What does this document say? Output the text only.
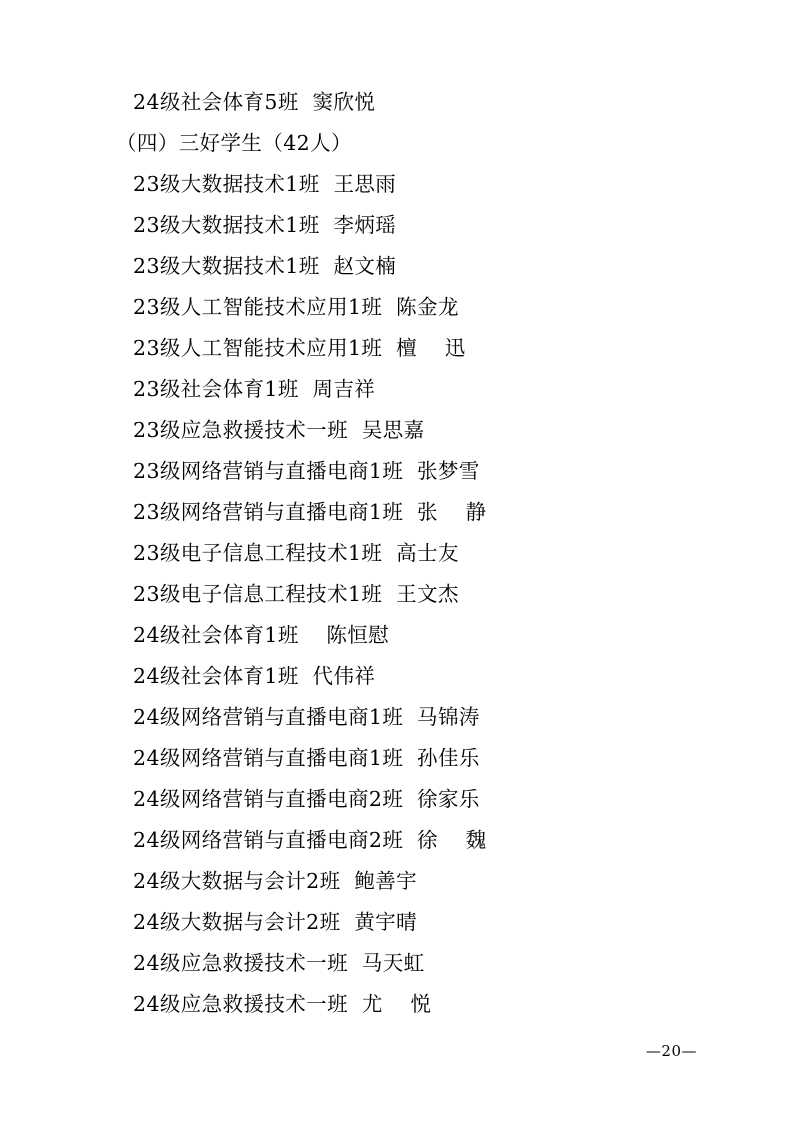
24级社会体育5班  窦欣悦
（四）三好学生（42人）
23级大数据技术1班  王思雨
23级大数据技术1班  李炳瑶
23级大数据技术1班  赵文楠
23级人工智能技术应用1班  陈金龙
23级人工智能技术应用1班  檀    迅
23级社会体育1班  周吉祥
23级应急救援技术一班  吴思嘉
23级网络营销与直播电商1班  张梦雪
23级网络营销与直播电商1班  张    静
23级电子信息工程技术1班  高士友
23级电子信息工程技术1班  王文杰
24级社会体育1班    陈恒慰
24级社会体育1班  代伟祥
24级网络营销与直播电商1班  马锦涛
24级网络营销与直播电商1班  孙佳乐
24级网络营销与直播电商2班  徐家乐
24级网络营销与直播电商2班  徐    魏
24级大数据与会计2班  鲍善宇
24级大数据与会计2班  黄宇晴
24级应急救援技术一班  马天虹
24级应急救援技术一班  尤    悦
—20—
